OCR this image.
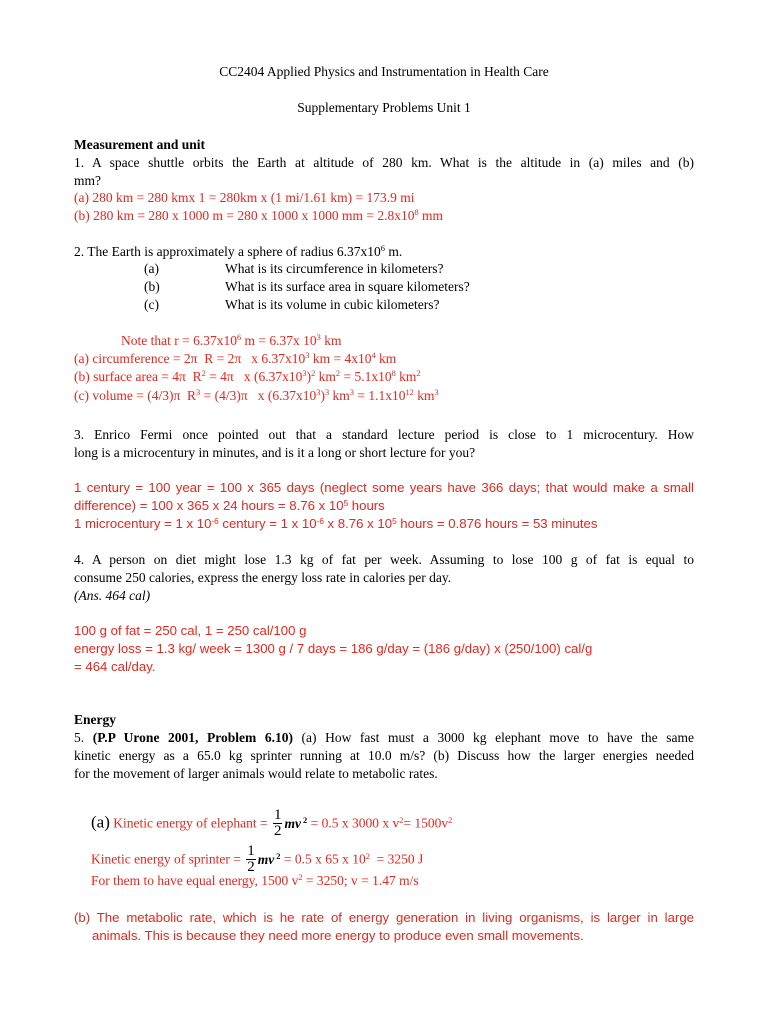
CC2404 Applied Physics and Instrumentation in Health Care
Supplementary Problems Unit 1
Measurement and unit
1. A space shuttle orbits the Earth at altitude of 280 km. What is the altitude in (a) miles and (b)
mm?
(a) 280 km = 280 kmx 1 = 280km x (1 mi/1.61 km) = 173.9 mi
(b) 280 km = 280 x 1000 m = 280 x 1000 x 1000 mm = $2.8x10^8$ mm
2. The Earth is approximately a sphere of radius $6.37x10^6$ m.
(a)	What is its circumference in kilometers?
(b)	What is its surface area in square kilometers?
(c)	What is its volume in cubic kilometers?
Note that $r = 6.37x10^6$ m = 6.37x $10^3$ km
(a) circumference = 2π  R = 2π   x $6.37x10^3$ km = $4x10^4$ km
(b) surface area = 4π  $R^2 = 4\pi$   x $(6.37x10^3)^2$ $km^2 = 5.1x10^8$ $km^2$
(c) volume = (4/3)π  $R^3 = (4/3)\pi$   x $(6.37x10^3)^3$ $km^3 = 1.1x10^{12}$ $km^3$
3. Enrico Fermi once pointed out that a standard lecture period is close to 1 microcentury. How
long is a microcentury in minutes, and is it a long or short lecture for you?
1 century = 100 year = 100 x 365 days (neglect some years have 366 days; that would make a small
difference) = 100 x 365 x 24 hours = 8.76 x $10^5$ hours
1 microcentury = 1 x $10^{-6}$ century = 1 x $10^{-6}$ x 8.76 x $10^5$ hours = 0.876 hours = 53 minutes
4. A person on diet might lose 1.3 kg of fat per week. Assuming to lose 100 g of fat is equal to
consume 250 calories, express the energy loss rate in calories per day.
(Ans. 464 cal)
100 g of fat = 250 cal, 1 = 250 cal/100 g
energy loss = 1.3 kg/ week = 1300 g / 7 days = 186 g/day = (186 g/day) x (250/100) cal/g
= 464 cal/day.
Energy
5. (P.P Urone 2001, Problem 6.10) (a) How fast must a 3000 kg elephant move to have the same
kinetic energy as a 65.0 kg sprinter running at 10.0 m/s? (b) Discuss how the larger energies needed
for the movement of larger animals would relate to metabolic rates.
(a) Kinetic energy of elephant = $\frac{1}{2}$ mv $^2$ = 0.5 x 3000 x $v^2= 1500v^2$
Kinetic energy of sprinter = $\frac{1}{2}$ mv $^2$ = 0.5 x 65 x $10^2 = 3250$ J
For them to have equal energy, 1500 $v^2 = 3250$; v = 1.47 m/s
(b) The metabolic rate, which is he rate of energy generation in living organisms, is larger in large
animals. This is because they need more energy to produce even small movements.
